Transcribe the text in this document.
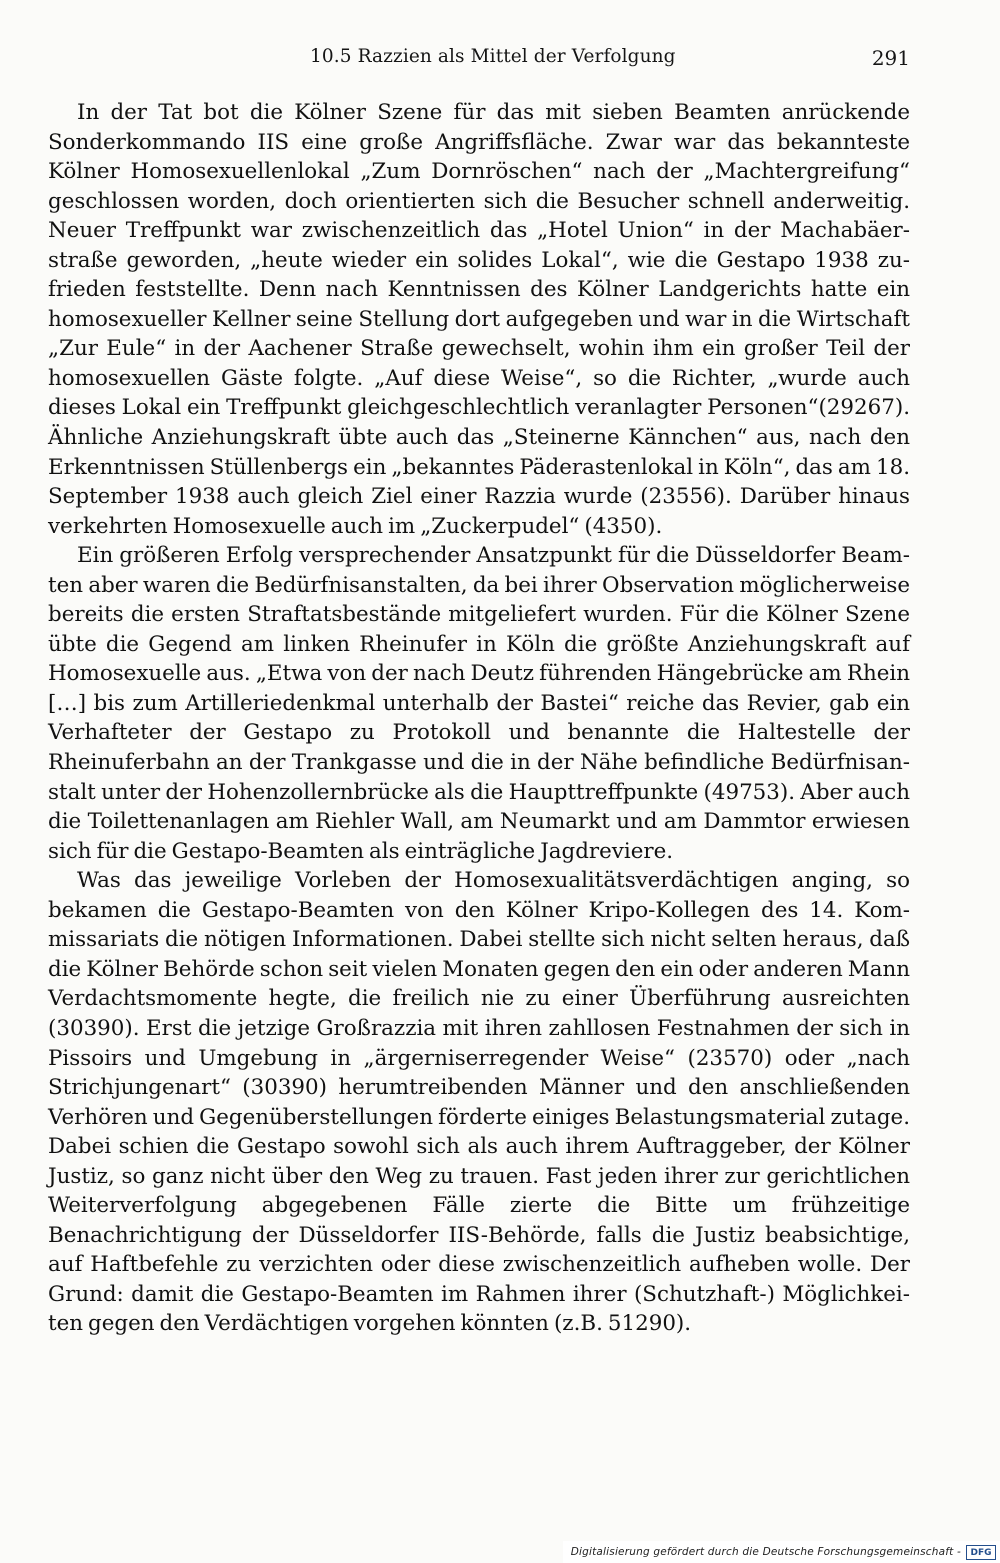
10.5 Razzien als Mittel der Verfolgung	291

In der Tat bot die Kölner Szene für das mit sieben Beamten anrückende Sonderkommando IIS eine große Angriffsfläche. Zwar war das bekannteste Kölner Homosexuellenlokal „Zum Dornröschen“ nach der „Machtergreifung“ geschlossen worden, doch orientierten sich die Besucher schnell anderweitig. Neuer Treffpunkt war zwischenzeitlich das „Hotel Union“ in der Machabäerstraße geworden, „heute wieder ein solides Lokal“, wie die Gestapo 1938 zufrieden feststellte. Denn nach Kenntnissen des Kölner Landgerichts hatte ein homosexueller Kellner seine Stellung dort aufgegeben und war in die Wirtschaft „Zur Eule“ in der Aachener Straße gewechselt, wohin ihm ein großer Teil der homosexuellen Gäste folgte. „Auf diese Weise“, so die Richter, „wurde auch dieses Lokal ein Treffpunkt gleichgeschlechtlich veranlagter Personen“(29267). Ähnliche Anziehungskraft übte auch das „Steinerne Kännchen“ aus, nach den Erkenntnissen Stüllenbergs ein „bekanntes Päderastenlokal in Köln“, das am 18. September 1938 auch gleich Ziel einer Razzia wurde (23556). Darüber hinaus verkehrten Homosexuelle auch im „Zuckerpudel“ (4350).

Ein größeren Erfolg versprechender Ansatzpunkt für die Düsseldorfer Beamten aber waren die Bedürfnisanstalten, da bei ihrer Observation möglicherweise bereits die ersten Straftatsbestände mitgeliefert wurden. Für die Kölner Szene übte die Gegend am linken Rheinufer in Köln die größte Anziehungskraft auf Homosexuelle aus. „Etwa von der nach Deutz führenden Hängebrücke am Rhein […] bis zum Artilleriedenkmal unterhalb der Bastei“ reiche das Revier, gab ein Verhafteter der Gestapo zu Protokoll und benannte die Haltestelle der Rheinuferbahn an der Trankgasse und die in der Nähe befindliche Bedürfnisanstalt unter der Hohenzollernbrücke als die Haupttreffpunkte (49753). Aber auch die Toilettenanlagen am Riehler Wall, am Neumarkt und am Dammtor erwiesen sich für die Gestapo-Beamten als einträgliche Jagdreviere.

Was das jeweilige Vorleben der Homosexualitätsverdächtigen anging, so bekamen die Gestapo-Beamten von den Kölner Kripo-Kollegen des 14. Kommissariats die nötigen Informationen. Dabei stellte sich nicht selten heraus, daß die Kölner Behörde schon seit vielen Monaten gegen den ein oder anderen Mann Verdachtsmomente hegte, die freilich nie zu einer Überführung ausreichten (30390). Erst die jetzige Großrazzia mit ihren zahllosen Festnahmen der sich in Pissoirs und Umgebung in „ärgerniserregender Weise“ (23570) oder „nach Strichjungenart“ (30390) herumtreibenden Männer und den anschließenden Verhören und Gegenüberstellungen förderte einiges Belastungsmaterial zutage. Dabei schien die Gestapo sowohl sich als auch ihrem Auftraggeber, der Kölner Justiz, so ganz nicht über den Weg zu trauen. Fast jeden ihrer zur gerichtlichen Weiterverfolgung abgegebenen Fälle zierte die Bitte um frühzeitige Benachrichtigung der Düsseldorfer IIS-Behörde, falls die Justiz beabsichtige, auf Haftbefehle zu verzichten oder diese zwischenzeitlich aufheben wolle. Der Grund: damit die Gestapo-Beamten im Rahmen ihrer (Schutzhaft-) Möglichkeiten gegen den Verdächtigen vorgehen könnten (z.B. 51290).

Digitalisierung gefördert durch die Deutsche Forschungsgemeinschaft -	DFG
